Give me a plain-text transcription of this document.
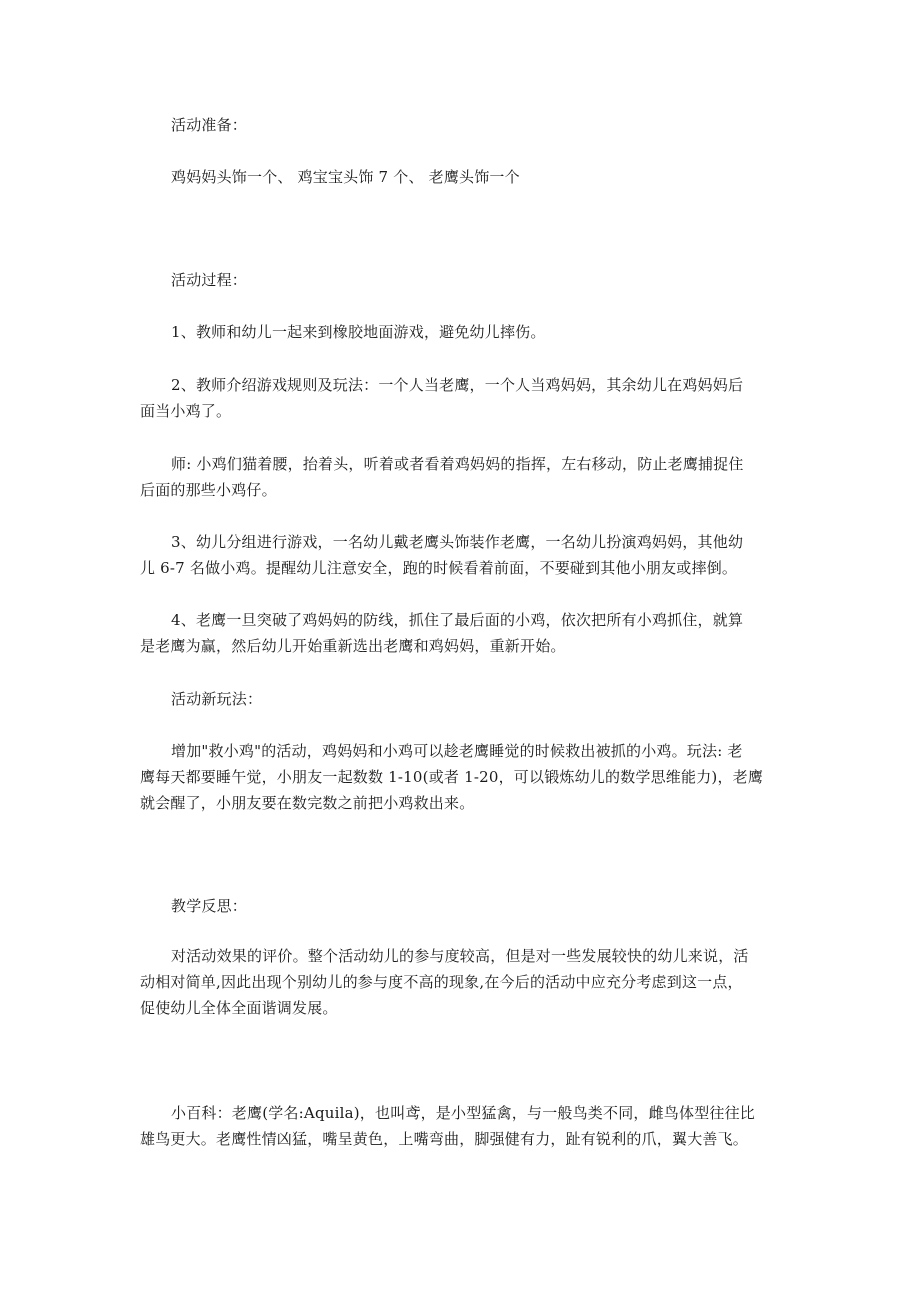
活动准备：
鸡妈妈头饰一个、 鸡宝宝头饰 7 个、 老鹰头饰一个
活动过程：
1、教师和幼儿一起来到橡胶地面游戏，避免幼儿摔伤。
2、教师介绍游戏规则及玩法：一个人当老鹰，一个人当鸡妈妈，其余幼儿在鸡妈妈后
面当小鸡了。
师: 小鸡们猫着腰，抬着头，听着或者看着鸡妈妈的指挥，左右移动，防止老鹰捕捉住
后面的那些小鸡仔。
3、幼儿分组进行游戏，一名幼儿戴老鹰头饰装作老鹰，一名幼儿扮演鸡妈妈，其他幼
儿 6-7 名做小鸡。提醒幼儿注意安全，跑的时候看着前面，不要碰到其他小朋友或摔倒。
4、老鹰一旦突破了鸡妈妈的防线，抓住了最后面的小鸡，依次把所有小鸡抓住，就算
是老鹰为赢，然后幼儿开始重新选出老鹰和鸡妈妈，重新开始。
活动新玩法：
增加"救小鸡"的活动，鸡妈妈和小鸡可以趁老鹰睡觉的时候救出被抓的小鸡。玩法: 老
鹰每天都要睡午觉，小朋友一起数数 1-10(或者 1-20，可以锻炼幼儿的数学思维能力)，老鹰
就会醒了，小朋友要在数完数之前把小鸡救出来。
教学反思：
对活动效果的评价。整个活动幼儿的参与度较高，但是对一些发展较快的幼儿来说，活
动相对简单,因此出现个别幼儿的参与度不高的现象,在今后的活动中应充分考虑到这一点，
促使幼儿全体全面谐调发展。
小百科：老鹰(学名:Aquila)，也叫鸢，是小型猛禽，与一般鸟类不同，雌鸟体型往往比
雄鸟更大。老鹰性情凶猛，嘴呈黄色，上嘴弯曲，脚强健有力，趾有锐利的爪，翼大善飞。
